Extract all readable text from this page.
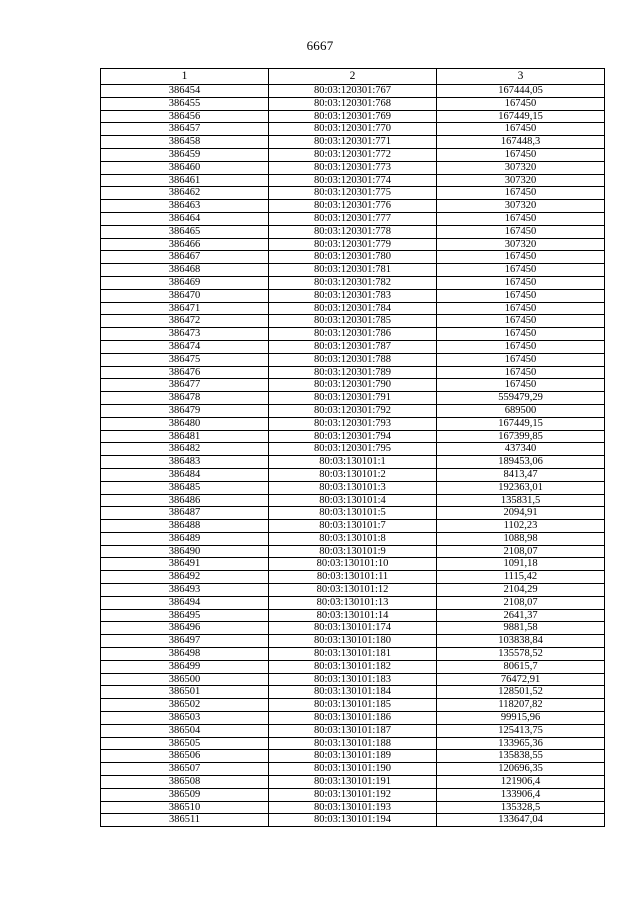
6667
1	2	3
386454	80:03:120301:767	167444,05
386455	80:03:120301:768	167450
386456	80:03:120301:769	167449,15
386457	80:03:120301:770	167450
386458	80:03:120301:771	167448,3
386459	80:03:120301:772	167450
386460	80:03:120301:773	307320
386461	80:03:120301:774	307320
386462	80:03:120301:775	167450
386463	80:03:120301:776	307320
386464	80:03:120301:777	167450
386465	80:03:120301:778	167450
386466	80:03:120301:779	307320
386467	80:03:120301:780	167450
386468	80:03:120301:781	167450
386469	80:03:120301:782	167450
386470	80:03:120301:783	167450
386471	80:03:120301:784	167450
386472	80:03:120301:785	167450
386473	80:03:120301:786	167450
386474	80:03:120301:787	167450
386475	80:03:120301:788	167450
386476	80:03:120301:789	167450
386477	80:03:120301:790	167450
386478	80:03:120301:791	559479,29
386479	80:03:120301:792	689500
386480	80:03:120301:793	167449,15
386481	80:03:120301:794	167399,85
386482	80:03:120301:795	437340
386483	80:03:130101:1	189453,06
386484	80:03:130101:2	8413,47
386485	80:03:130101:3	192363,01
386486	80:03:130101:4	135831,5
386487	80:03:130101:5	2094,91
386488	80:03:130101:7	1102,23
386489	80:03:130101:8	1088,98
386490	80:03:130101:9	2108,07
386491	80:03:130101:10	1091,18
386492	80:03:130101:11	1115,42
386493	80:03:130101:12	2104,29
386494	80:03:130101:13	2108,07
386495	80:03:130101:14	2641,37
386496	80:03:130101:174	9881,58
386497	80:03:130101:180	103838,84
386498	80:03:130101:181	135578,52
386499	80:03:130101:182	80615,7
386500	80:03:130101:183	76472,91
386501	80:03:130101:184	128501,52
386502	80:03:130101:185	118207,82
386503	80:03:130101:186	99915,96
386504	80:03:130101:187	125413,75
386505	80:03:130101:188	133965,36
386506	80:03:130101:189	135838,55
386507	80:03:130101:190	120696,35
386508	80:03:130101:191	121906,4
386509	80:03:130101:192	133906,4
386510	80:03:130101:193	135328,5
386511	80:03:130101:194	133647,04
